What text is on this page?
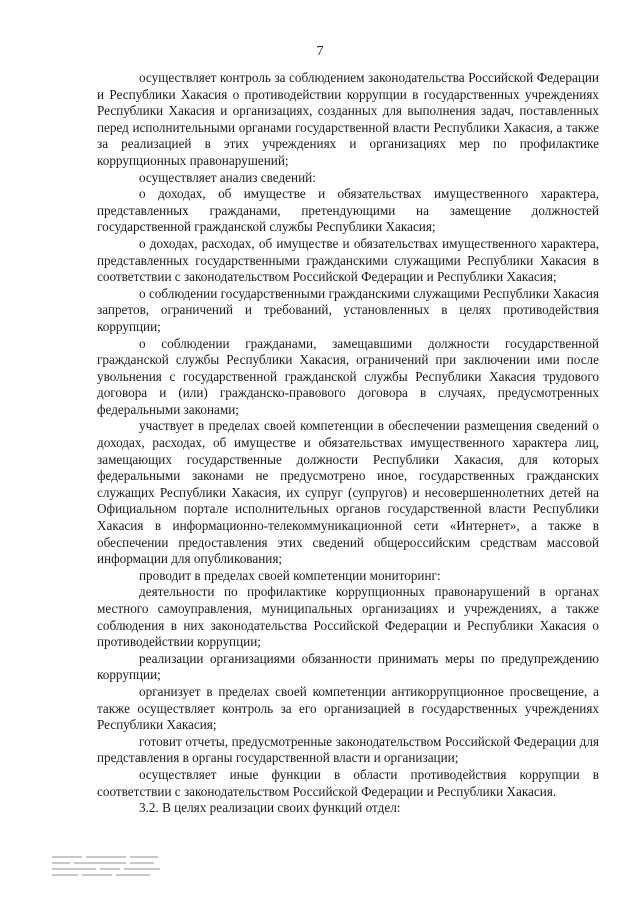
7

осуществляет контроль за соблюдением законодательства Российской Федерации и Республики Хакасия о противодействии коррупции в государственных учреждениях Республики Хакасия и организациях, созданных для выполнения задач, поставленных перед исполнительными органами государственной власти Республики Хакасия, а также за реализацией в этих учреждениях и организациях мер по профилактике коррупционных правонарушений;

осуществляет анализ сведений:

о доходах, об имуществе и обязательствах имущественного характера, представленных гражданами, претендующими на замещение должностей государственной гражданской службы Республики Хакасия;

о доходах, расходах, об имуществе и обязательствах имущественного характера, представленных государственными гражданскими служащими Республики Хакасия в соответствии с законодательством Российской Федерации и Республики Хакасия;

о соблюдении государственными гражданскими служащими Республики Хакасия запретов, ограничений и требований, установленных в целях противодействия коррупции;

о соблюдении гражданами, замещавшими должности государственной гражданской службы Республики Хакасия, ограничений при заключении ими после увольнения с государственной гражданской службы Республики Хакасия трудового договора и (или) гражданско-правового договора в случаях, предусмотренных федеральными законами;

участвует в пределах своей компетенции в обеспечении размещения сведений о доходах, расходах, об имуществе и обязательствах имущественного характера лиц, замещающих государственные должности Республики Хакасия, для которых федеральными законами не предусмотрено иное, государственных гражданских служащих Республики Хакасия, их супруг (супругов) и несовершеннолетних детей на Официальном портале исполнительных органов государственной власти Республики Хакасия в информационно-телекоммуникационной сети «Интернет», а также в обеспечении предоставления этих сведений общероссийским средствам массовой информации для опубликования;

проводит в пределах своей компетенции мониторинг:

деятельности по профилактике коррупционных правонарушений в органах местного самоуправления, муниципальных организациях и учреждениях, а также соблюдения в них законодательства Российской Федерации и Республики Хакасия о противодействии коррупции;

реализации организациями обязанности принимать меры по предупреждению коррупции;

организует в пределах своей компетенции антикоррупционное просвещение, а также осуществляет контроль за его организацией в государственных учреждениях Республики Хакасия;

готовит отчеты, предусмотренные законодательством Российской Федерации для представления в органы государственной власти и организации;

осуществляет иные функции в области противодействия коррупции в соответствии с законодательством Российской Федерации и Республики Хакасия.

3.2. В целях реализации своих функций отдел:
